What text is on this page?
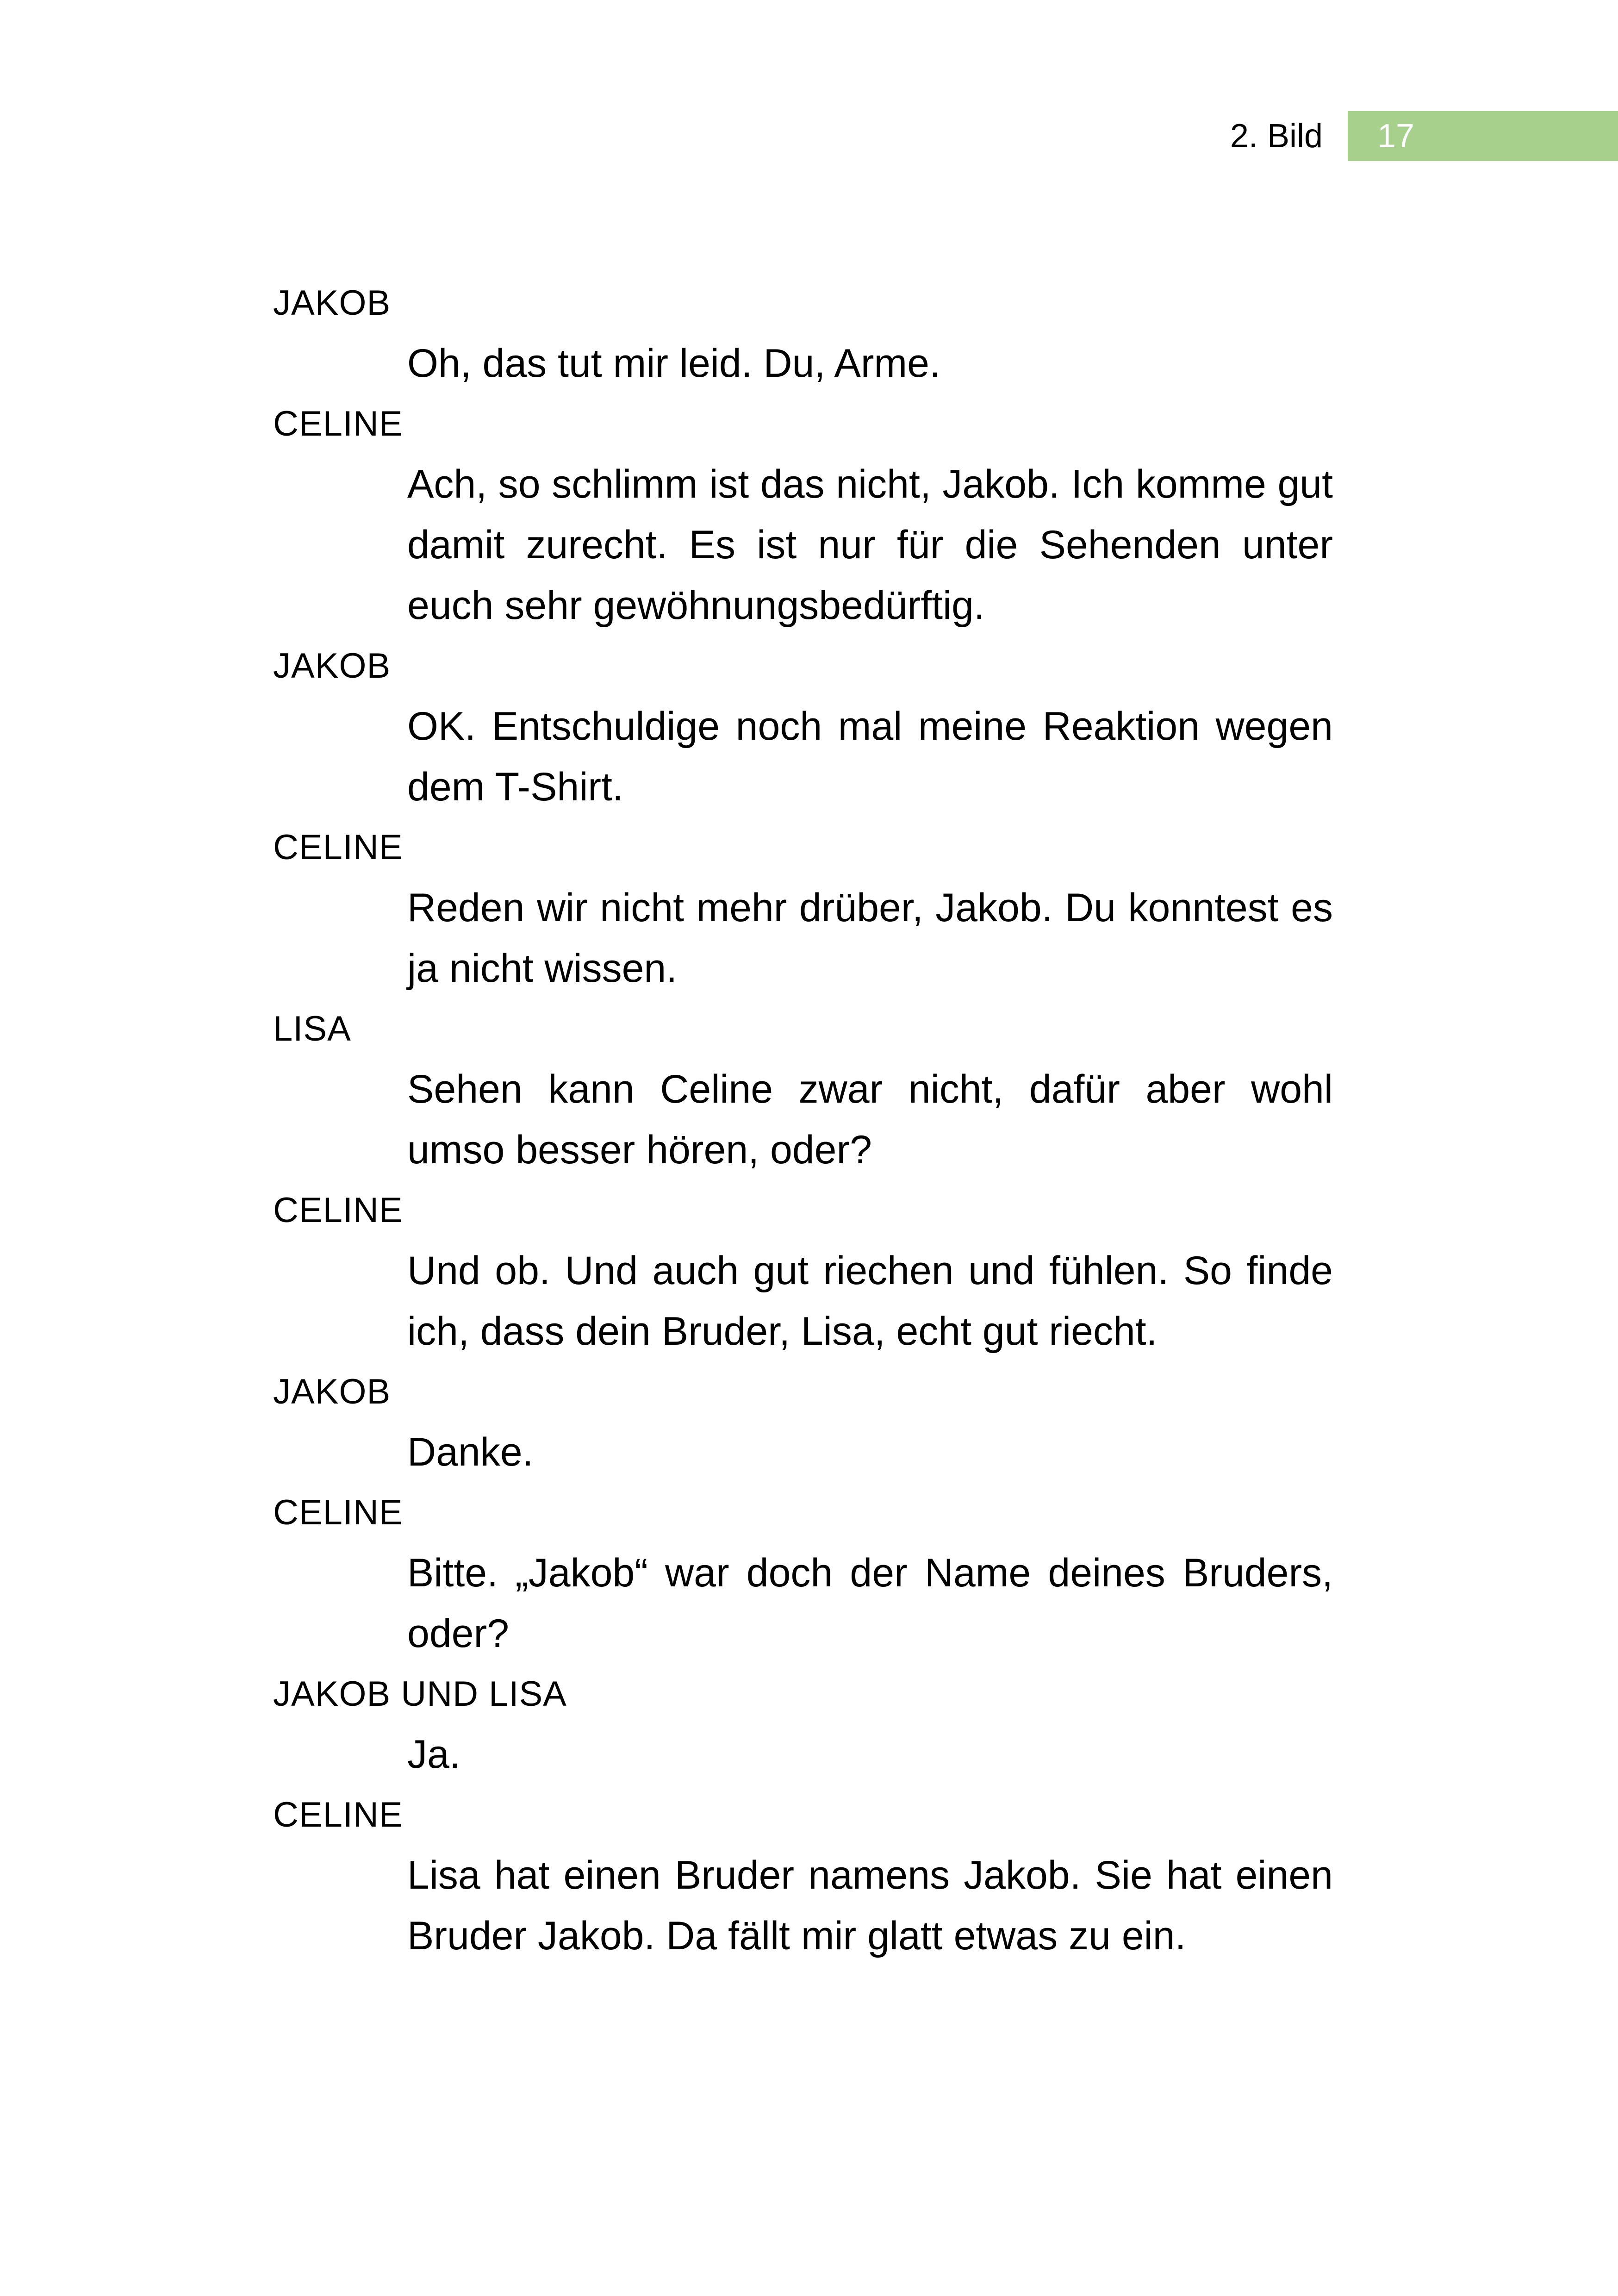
2. Bild	17
JAKOB
Oh, das tut mir leid. Du, Arme.
CELINE
Ach, so schlimm ist das nicht, Jakob. Ich komme gut damit zurecht. Es ist nur für die Sehenden unter euch sehr gewöhnungsbedürftig.
JAKOB
OK. Entschuldige noch mal meine Reaktion wegen dem T-Shirt.
CELINE
Reden wir nicht mehr drüber, Jakob. Du konntest es ja nicht wissen.
LISA
Sehen kann Celine zwar nicht, dafür aber wohl umso besser hören, oder?
CELINE
Und ob. Und auch gut riechen und fühlen. So finde ich, dass dein Bruder, Lisa, echt gut riecht.
JAKOB
Danke.
CELINE
Bitte. „Jakob“ war doch der Name deines Bruders, oder?
JAKOB UND LISA
Ja.
CELINE
Lisa hat einen Bruder namens Jakob. Sie hat einen Bruder Jakob. Da fällt mir glatt etwas zu ein.
